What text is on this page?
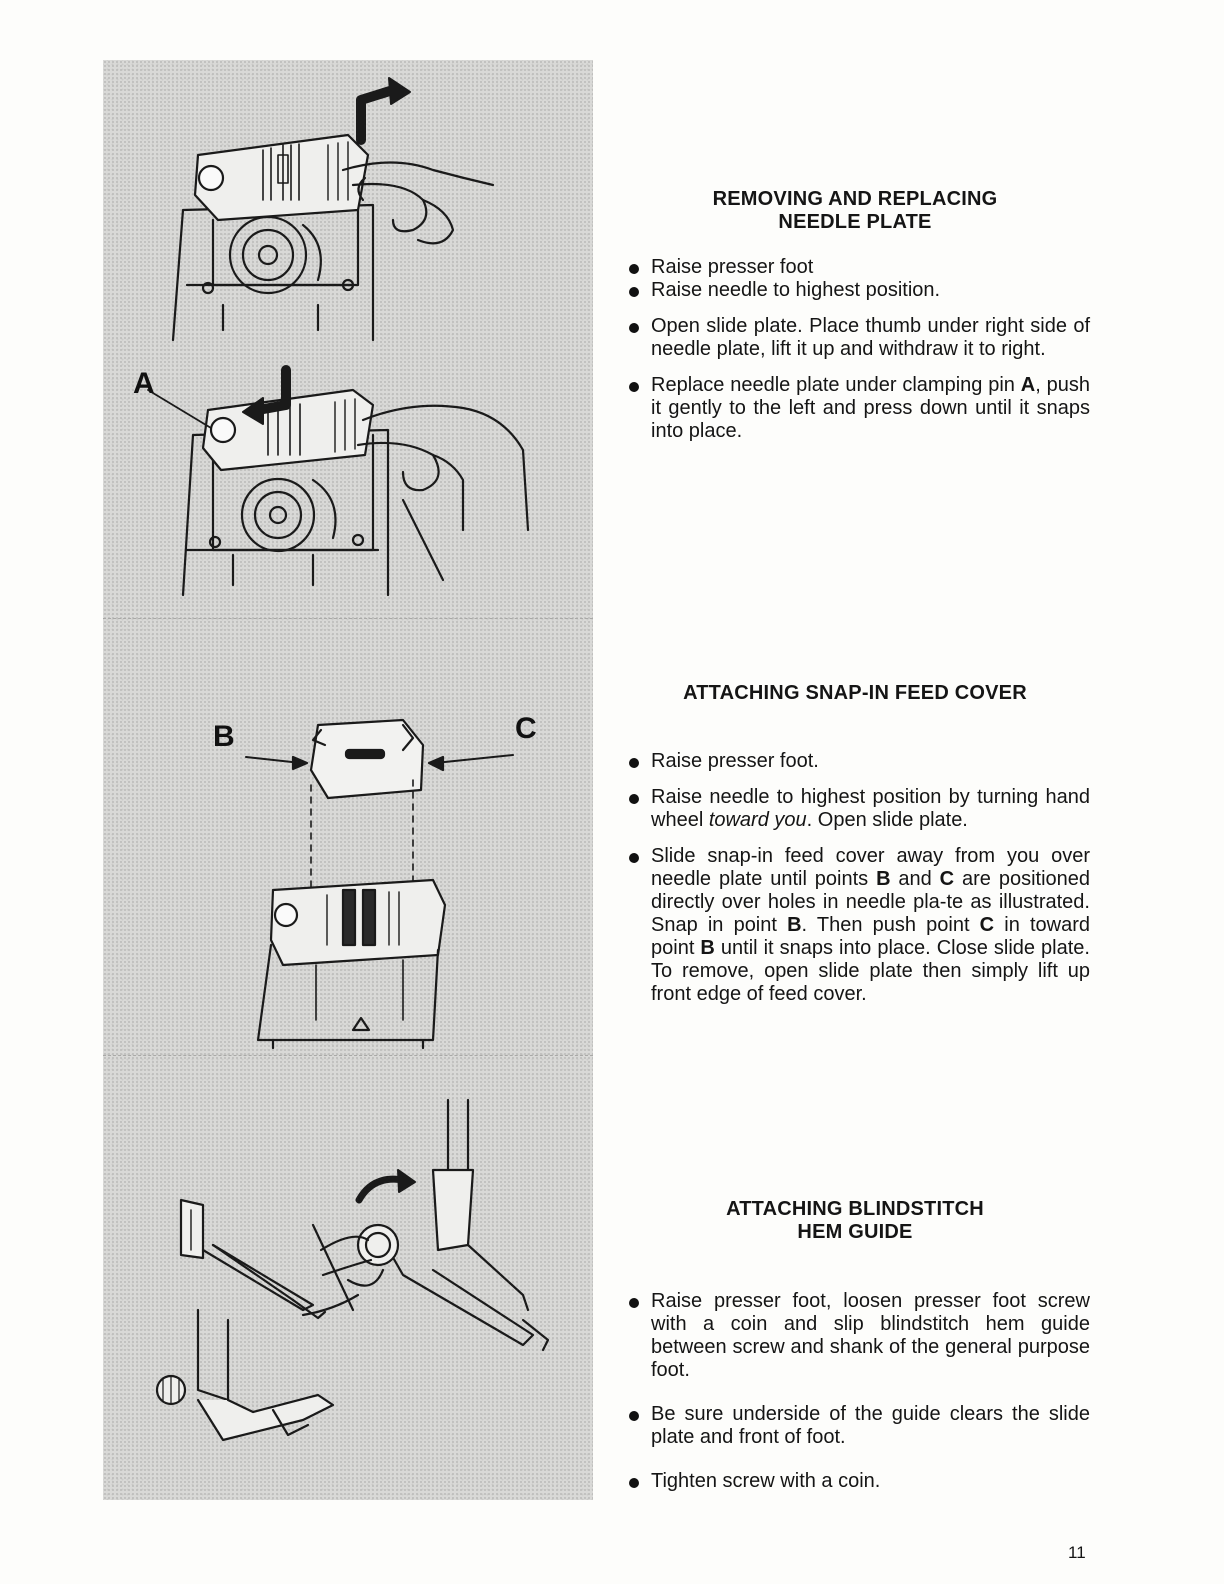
A
B	C
REMOVING AND REPLACING
NEEDLE PLATE
Raise presser foot
Raise needle to highest position.
Open slide plate. Place thumb under right side of needle plate, lift it up and withdraw it to right.
Replace needle plate under clamping pin A, push it gently to the left and press down until it snaps into place.
ATTACHING SNAP-IN FEED COVER
Raise presser foot.
Raise needle to highest position by turning hand wheel toward you. Open slide plate.
Slide snap-in feed cover away from you over needle plate until points B and C are positioned directly over holes in needle pla-te as illustrated. Snap in point B. Then push point C in toward point B until it snaps into place. Close slide plate. To remove, open slide plate then simply lift up front edge of feed cover.
ATTACHING BLINDSTITCH
HEM GUIDE
Raise presser foot, loosen presser foot screw with a coin and slip blindstitch hem guide between screw and shank of the general purpose foot.
Be sure underside of the guide clears the slide plate and front of foot.
Tighten screw with a coin.
11
